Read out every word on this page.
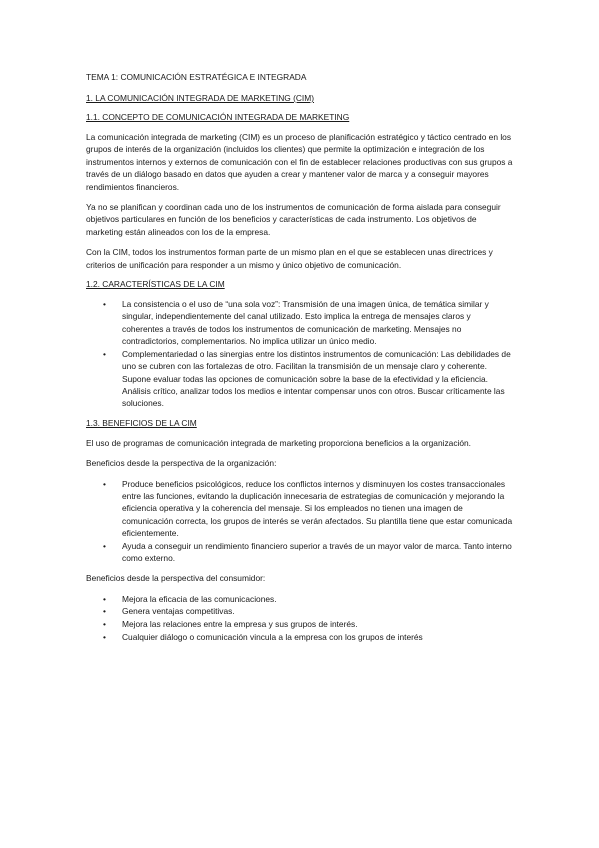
TEMA 1: COMUNICACIÓN ESTRATÉGICA E INTEGRADA

1. LA COMUNICACIÓN INTEGRADA DE MARKETING (CIM)

1.1. CONCEPTO DE COMUNICACIÓN INTEGRADA DE MARKETING

La comunicación integrada de marketing (CIM) es un proceso de planificación estratégico y táctico centrado en los grupos de interés de la organización (incluidos los clientes) que permite la optimización e integración de los instrumentos internos y externos de comunicación con el fin de establecer relaciones productivas con sus grupos a través de un diálogo basado en datos que ayuden a crear y mantener valor de marca y a conseguir mayores rendimientos financieros.

Ya no se planifican y coordinan cada uno de los instrumentos de comunicación de forma aislada para conseguir objetivos particulares en función de los beneficios y características de cada instrumento. Los objetivos de marketing están alineados con los de la empresa.

Con la CIM, todos los instrumentos forman parte de un mismo plan en el que se establecen unas directrices y criterios de unificación para responder a un mismo y único objetivo de comunicación.

1.2. CARACTERÍSTICAS DE LA CIM

• La consistencia o el uso de “una sola voz”: Transmisión de una imagen única, de temática similar y singular, independientemente del canal utilizado. Esto implica la entrega de mensajes claros y coherentes a través de todos los instrumentos de comunicación de marketing. Mensajes no contradictorios, complementarios. No implica utilizar un único medio.
• Complementariedad o las sinergias entre los distintos instrumentos de comunicación: Las debilidades de uno se cubren con las fortalezas de otro. Facilitan la transmisión de un mensaje claro y coherente. Supone evaluar todas las opciones de comunicación sobre la base de la efectividad y la eficiencia. Análisis crítico, analizar todos los medios e intentar compensar unos con otros. Buscar críticamente las soluciones.

1.3. BENEFICIOS DE LA CIM

El uso de programas de comunicación integrada de marketing proporciona beneficios a la organización.

Beneficios desde la perspectiva de la organización:

• Produce beneficios psicológicos, reduce los conflictos internos y disminuyen los costes transaccionales entre las funciones, evitando la duplicación innecesaria de estrategias de comunicación y mejorando la eficiencia operativa y la coherencia del mensaje. Si los empleados no tienen una imagen de comunicación correcta, los grupos de interés se verán afectados. Su plantilla tiene que estar comunicada eficientemente.
• Ayuda a conseguir un rendimiento financiero superior a través de un mayor valor de marca. Tanto interno como externo.

Beneficios desde la perspectiva del consumidor:

• Mejora la eficacia de las comunicaciones.
• Genera ventajas competitivas.
• Mejora las relaciones entre la empresa y sus grupos de interés.
• Cualquier diálogo o comunicación vincula a la empresa con los grupos de interés
